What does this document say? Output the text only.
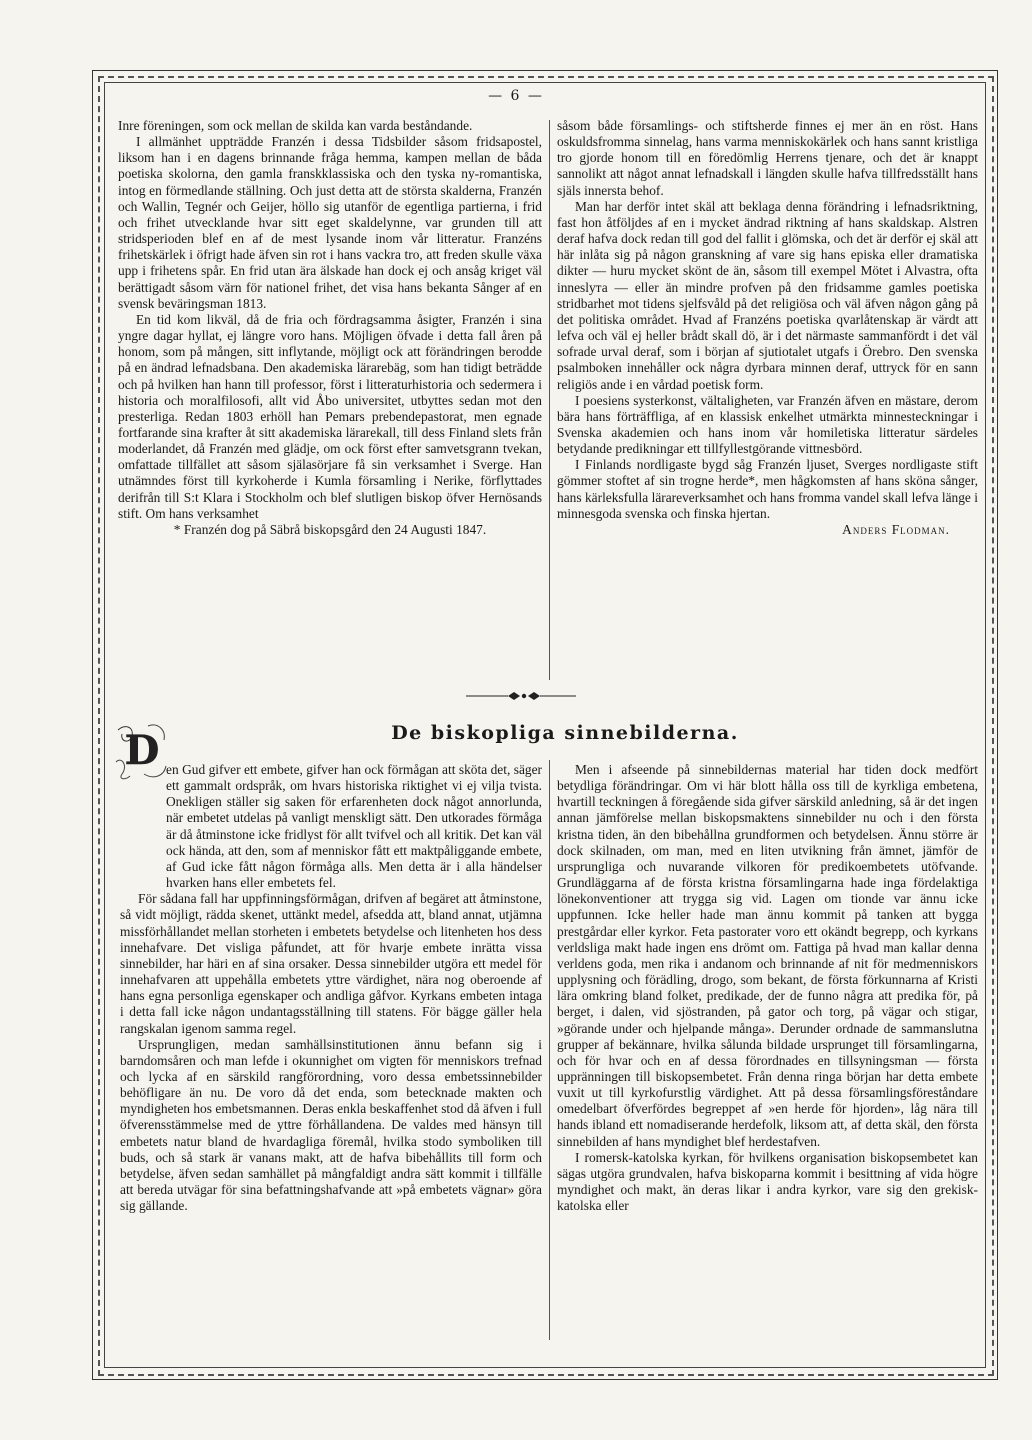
— 6 —

Inre föreningen, som ock mellan de skilda kan varda beståndande.

I allmänhet uppträdde Franzén i dessa Tidsbilder såsom fridsapostel, liksom han i en dagens brinnande fråga hemma, kampen mellan de båda poetiska skolorna, den gamla franskklassiska och den tyska ny-romantiska, intog en förmedlande ställning. Och just detta att de största skalderna, Franzén och Wallin, Tegnér och Geijer, höllo sig utanför de egentliga partierna, i frid och frihet utvecklande hvar sitt eget skaldelynne, var grunden till att stridsperioden blef en af de mest lysande inom vår litteratur. Franzéns frihetskärlek i öfrigt hade äfven sin rot i hans vackra tro, att freden skulle växa upp i frihetens spår. En frid utan ära älskade han dock ej och ansåg kriget väl berättigadt såsom värn för nationel frihet, det visa hans bekanta Sånger af en svensk beväringsman 1813.

En tid kom likväl, då de fria och fördragsamma åsigter, Franzén i sina yngre dagar hyllat, ej längre voro hans. Möjligen öfvade i detta fall åren på honom, som på mången, sitt inflytande, möjligt ock att förändringen berodde på en ändrad lefnadsbana. Den akademiska lärarebäg, som han tidigt beträdde och på hvilken han hann till professor, först i litteraturhistoria och sedermera i historia och moralfilosofi, allt vid Åbo universitet, utbyttes sedan mot den presterliga. Redan 1803 erhöll han Pemars prebendepastorat, men egnade fortfarande sina krafter åt sitt akademiska lärarekall, till dess Finland slets från moderlandet, då Franzén med glädje, om ock först efter samvetsgrann tvekan, omfattade tillfället att såsom själasörjare få sin verksamhet i Sverge. Han utnämndes först till kyrkoherde i Kumla församling i Nerike, förflyttades derifrån till S:t Klara i Stockholm och blef slutligen biskop öfver Hernösands stift. Om hans verksamhet

* Franzén dog på Säbrå biskopsgård den 24 Augusti 1847.

såsom både församlings- och stiftsherde finnes ej mer än en röst. Hans oskuldsfromma sinnelag, hans varma menniskokärlek och hans sannt kristliga tro gjorde honom till en föredömlig Herrens tjenare, och det är knappt sannolikt att något annat lefnadskall i längden skulle hafva tillfredsställt hans själs innersta behof.

Man har derför intet skäl att beklaga denna förändring i lefnadsriktning, fast hon åtföljdes af en i mycket ändrad riktning af hans skaldskap. Alstren deraf hafva dock redan till god del fallit i glömska, och det är derför ej skäl att här inlåta sig på någon granskning af vare sig hans episka eller dramatiska dikter — huru mycket skönt de än, såsom till exempel Mötet i Alvastra, ofta inneslута — eller än mindre profven på den fridsamme gamles poetiska stridbarhet mot tidens sjelfsvåld på det religiösa och väl äfven någon gång på det politiska området. Hvad af Franzéns poetiska qvarlåtenskap är värdt att lefva och väl ej heller brådt skall dö, är i det närmaste sammanfördt i det väl sofrade urval deraf, som i början af sjutiotalet utgafs i Örebro. Den svenska psalmboken innehåller ock några dyrbara minnen deraf, uttryck för en sann religiös ande i en vårdad poetisk form.

I poesiens systerkonst, vältaligheten, var Franzén äfven en mästare, derom bära hans förträffliga, af en klassisk enkelhet utmärkta minnesteckningar i Svenska akademien och hans inom vår homiletiska litteratur särdeles betydande predikningar ett tillfyllestgörande vittnesbörd.

I Finlands nordligaste bygd såg Franzén ljuset, Sverges nordligaste stift gömmer stoftet af sin trogne herde*, men hågkomsten af hans sköna sånger, hans kärleksfulla lärareverksamhet och hans fromma vandel skall lefva länge i minnesgoda svenska och finska hjertan.

Anders Flodman.

D	De biskopliga sinnebilderna.

en Gud gifver ett embete, gifver han ock förmågan att sköta det, säger ett gammalt ordspråk, om hvars historiska riktighet vi ej vilja tvista. Onekligen ställer sig saken för erfarenheten dock något annorlunda, när embetet utdelas på vanligt menskligt sätt. Den utkorades förmåga är då åtminstone icke fridlyst för allt tvifvel och all kritik. Det kan väl ock hända, att den, som af menniskor fått ett maktpåliggande embete, af Gud icke fått någon förmåga alls. Men detta är i alla händelser hvarken hans eller embetets fel.

För sådana fall har uppfinningsförmågan, drifven af begäret att åtminstone, så vidt möjligt, rädda skenet, uttänkt medel, afsedda att, bland annat, utjämna missförhållandet mellan storheten i embetets betydelse och litenheten hos dess innehafvare. Det visliga påfundet, att för hvarje embete inrätta vissa sinnebilder, har häri en af sina orsaker. Dessa sinnebilder utgöra ett medel för innehafvaren att uppehålla embetets yttre värdighet, nära nog oberoende af hans egna personliga egenskaper och andliga gåfvor. Kyrkans embeten intaga i detta fall icke någon undantagsställning till statens. För bägge gäller hela rangskalan igenom samma regel.

Ursprungligen, medan samhällsinstitutionen ännu befann sig i barndomsåren och man lefde i okunnighet om vigten för menniskors trefnad och lycka af en särskild rangförordning, voro dessa embetssinnebilder behöfligare än nu. De voro då det enda, som betecknade makten och myndigheten hos embetsmannen. Deras enkla beskaffenhet stod då äfven i full öfverensstämmelse med de yttre förhållandena. De valdes med hänsyn till embetets natur bland de hvardagliga föremål, hvilka stodo symboliken till buds, och så stark är vanans makt, att de hafva bibehållits till form och betydelse, äfven sedan samhället på mångfaldigt andra sätt kommit i tillfälle att bereda utvägar för sina befattningshafvande att »på embetets vägnar» göra sig gällande.

Men i afseende på sinnebildernas material har tiden dock medfört betydliga förändringar. Om vi här blott hålla oss till de kyrkliga embetena, hvartill teckningen å föregående sida gifver särskild anledning, så är det ingen annan jämförelse mellan biskopsmaktens sinnebilder nu och i den första kristna tiden, än den bibehållna grundformen och betydelsen. Ännu större är dock skilnaden, om man, med en liten utvikning från ämnet, jämför de ursprungliga och nuvarande vilkoren för predikoembetets utöfvande. Grundläggarna af de första kristna församlingarna hade inga fördelaktiga lönekonventioner att trygga sig vid. Lagen om tionde var ännu icke uppfunnen. Icke heller hade man ännu kommit på tanken att bygga prestgårdar eller kyrkor. Feta pastorater voro ett okändt begrepp, och kyrkans verldsliga makt hade ingen ens drömt om. Fattiga på hvad man kallar denna verldens goda, men rika i andanom och brinnande af nit för medmenniskors upplysning och förädling, drogo, som bekant, de första förkunnarna af Kristi lära omkring bland folket, predikade, der de funno några att predika för, på berget, i dalen, vid sjöstranden, på gator och torg, på vägar och stigar, »görande under och hjelpande många». Derunder ordnade de sammanslutna grupper af bekännare, hvilka sålunda bildade ursprunget till församlingarna, och för hvar och en af dessa förordnades en tillsyningsman — första uppränningen till biskopsembetet. Från denna ringa början har detta embete vuxit ut till kyrkofurstlig värdighet. Att på dessa församlingsföreståndare omedelbart öfverfördes begreppet af »en herde för hjorden», låg nära till hands ibland ett nomadiserande herdefolk, liksom att, af detta skäl, den första sinnebilden af hans myndighet blef herdestafven.

I romersk-katolska kyrkan, för hvilkens organisation biskopsembetet kan sägas utgöra grundvalen, hafva biskoparna kommit i besittning af vida högre myndighet och makt, än deras likar i andra kyrkor, vare sig den grekisk-katolska eller
